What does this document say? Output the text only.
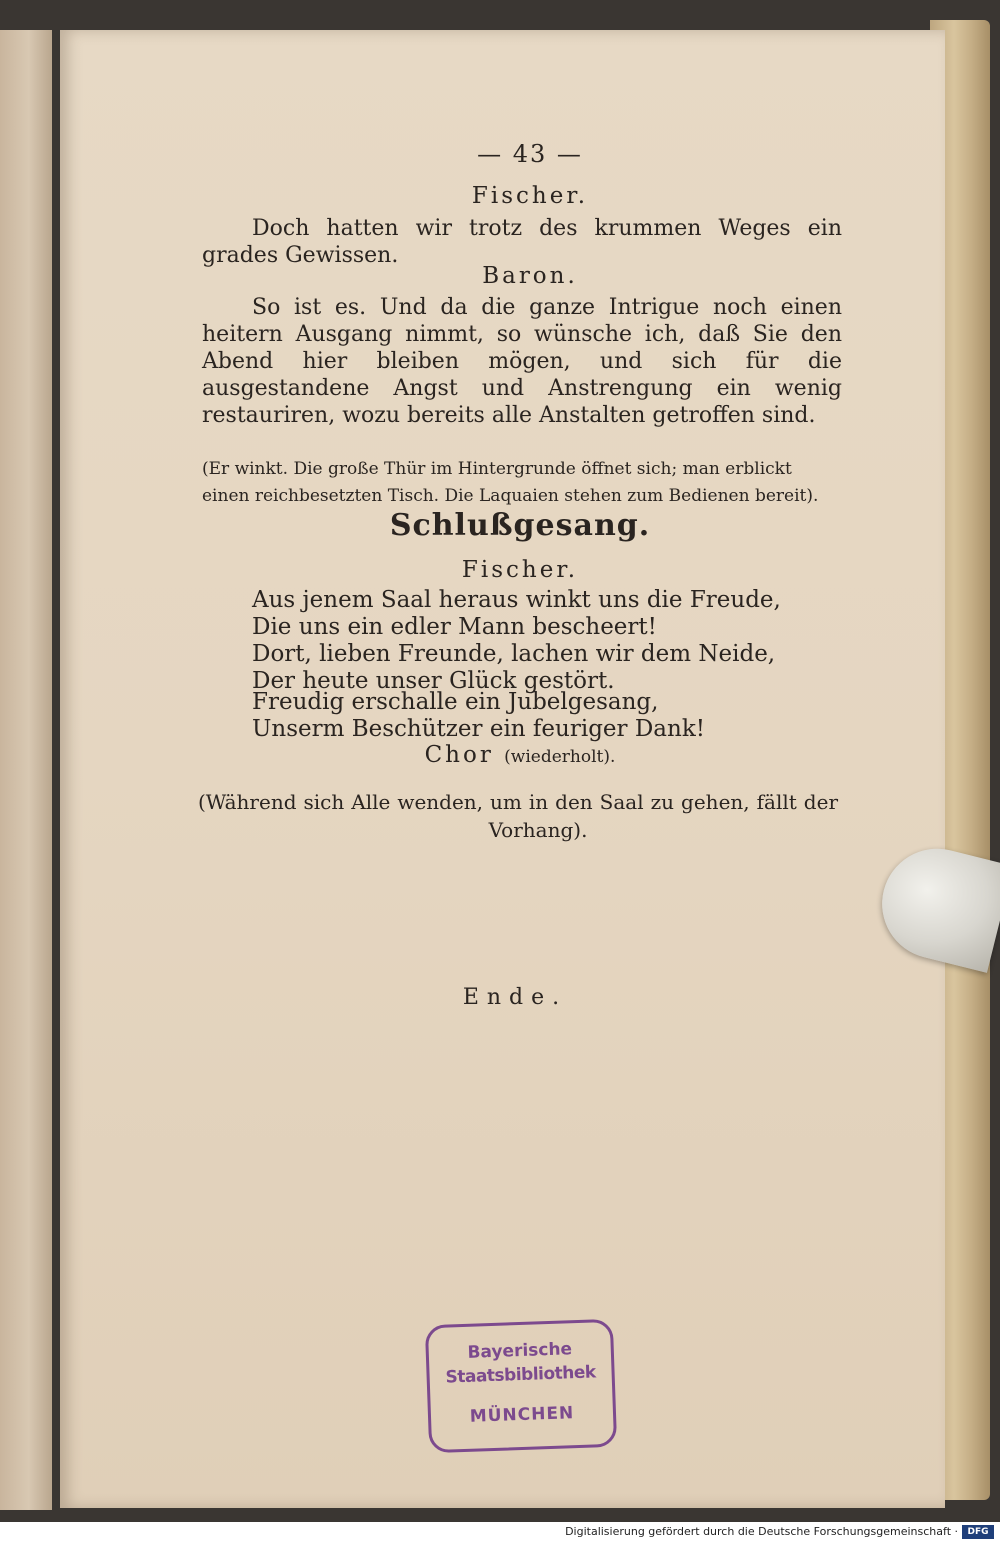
— 43 —
Fischer.
Doch hatten wir trotz des krummen Weges ein grades Gewissen.
Baron.
So ist es. Und da die ganze Intrigue noch einen heitern Ausgang nimmt, so wünsche ich, daß Sie den Abend hier bleiben mögen, und sich für die ausgestandene Angst und Anstrengung ein wenig restauriren, wozu bereits alle Anstalten getroffen sind.
(Er winkt. Die große Thür im Hintergrunde öffnet sich; man erblickt einen reichbesetzten Tisch. Die Laquaien stehen zum Bedienen bereit).
Schlußgesang.
Fischer.
Aus jenem Saal heraus winkt uns die Freude,
Die uns ein edler Mann bescheert!
Dort, lieben Freunde, lachen wir dem Neide,
Der heute unser Glück gestört.
Freudig erschalle ein Jubelgesang,
Unserm Beschützer ein feuriger Dank!
Chor (wiederholt).
(Während sich Alle wenden, um in den Saal zu gehen, fällt der
Vorhang).
Ende.
Bayerische
Staatsbibliothek
MÜNCHEN
Digitalisierung gefördert durch die Deutsche Forschungsgemeinschaft ·	DFG
